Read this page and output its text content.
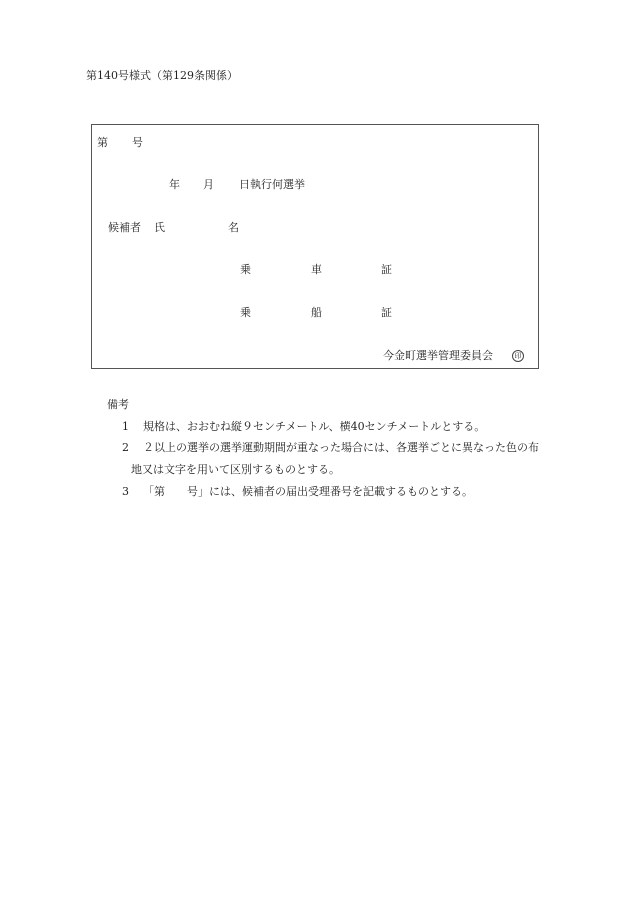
第140号様式（第129条関係）
第 号
年 月 日執行何選挙
候補者 氏	名
乗	車	証
乗	船	証
今金町選挙管理委員会	印
備考
1 規格は、おおむね縦９センチメートル、横40センチメートルとする。
2 ２以上の選挙の選挙運動期間が重なった場合には、各選挙ごとに異なった色の布
地又は文字を用いて区別するものとする。
3 「第　　号」には、候補者の届出受理番号を記載するものとする。
